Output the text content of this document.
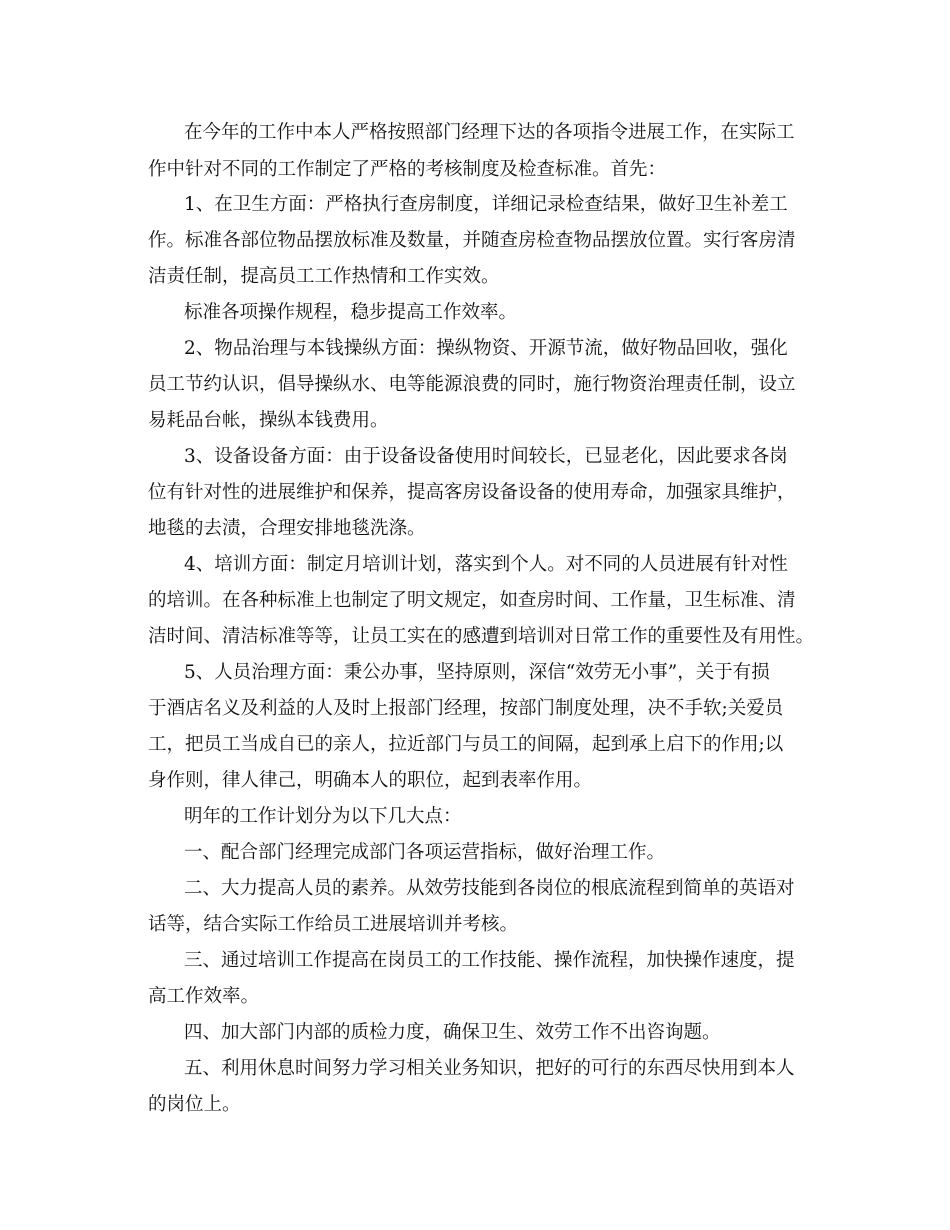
在今年的工作中本人严格按照部门经理下达的各项指令进展工作，在实际工
作中针对不同的工作制定了严格的考核制度及检查标准。首先：
1、在卫生方面：严格执行查房制度，详细记录检查结果，做好卫生补差工
作。标准各部位物品摆放标准及数量，并随查房检查物品摆放位置。实行客房清
洁责任制，提高员工工作热情和工作实效。
标准各项操作规程，稳步提高工作效率。
2、物品治理与本钱操纵方面：操纵物资、开源节流，做好物品回收，强化
员工节约认识，倡导操纵水、电等能源浪费的同时，施行物资治理责任制，设立
易耗品台帐，操纵本钱费用。
3、设备设备方面：由于设备设备使用时间较长，已显老化，因此要求各岗
位有针对性的进展维护和保养，提高客房设备设备的使用寿命，加强家具维护，
地毯的去渍，合理安排地毯洗涤。
4、培训方面：制定月培训计划，落实到个人。对不同的人员进展有针对性
的培训。在各种标准上也制定了明文规定，如查房时间、工作量，卫生标准、清
洁时间、清洁标准等等，让员工实在的感遭到培训对日常工作的重要性及有用性。
5、人员治理方面：秉公办事，坚持原则，深信“效劳无小事”，关于有损
于酒店名义及利益的人及时上报部门经理，按部门制度处理，决不手软;关爱员
工，把员工当成自已的亲人，拉近部门与员工的间隔，起到承上启下的作用;以
身作则，律人律己，明确本人的职位，起到表率作用。
明年的工作计划分为以下几大点：
一、配合部门经理完成部门各项运营指标，做好治理工作。
二、大力提高人员的素养。从效劳技能到各岗位的根底流程到简单的英语对
话等，结合实际工作给员工进展培训并考核。
三、通过培训工作提高在岗员工的工作技能、操作流程，加快操作速度，提
高工作效率。
四、加大部门内部的质检力度，确保卫生、效劳工作不出咨询题。
五、利用休息时间努力学习相关业务知识，把好的可行的东西尽快用到本人
的岗位上。
